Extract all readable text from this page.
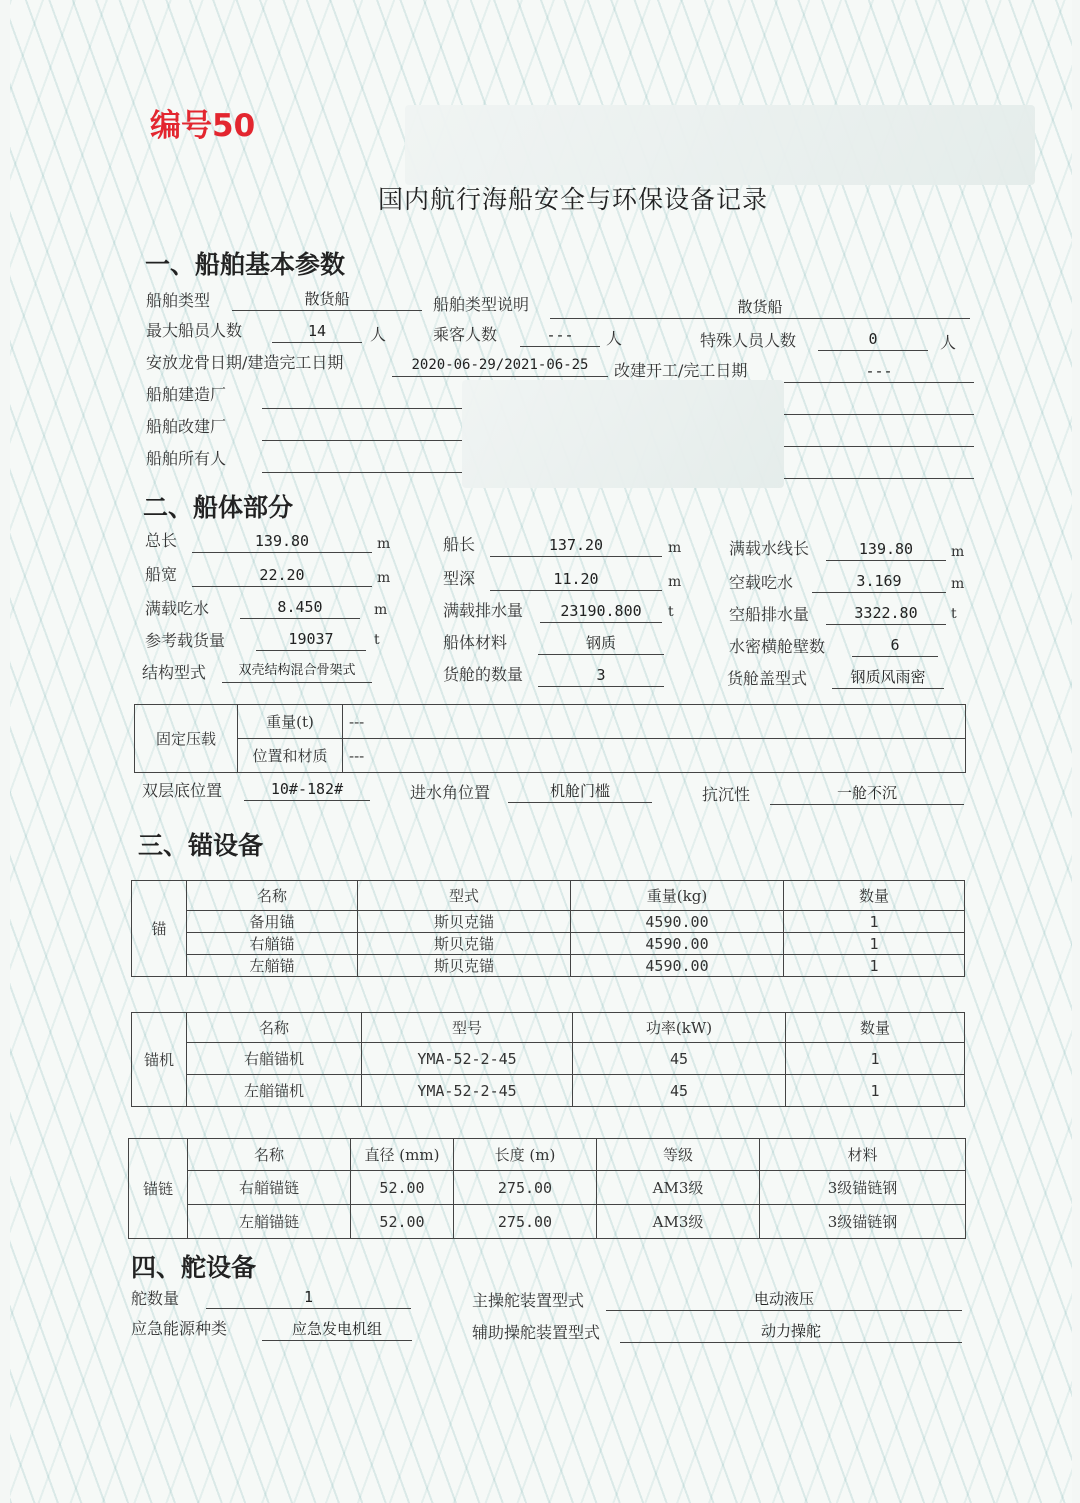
编号50
国内航行海船安全与环保设备记录
一、船舶基本参数
船舶类型	散货船	船舶类型说明	散货船
最大船员人数	14	人	乘客人数	---	人	特殊人员人数	0	人
安放龙骨日期/建造完工日期	2020-06-29/2021-06-25	改建开工/完工日期	---
船舶建造厂
船舶改建厂
船舶所有人
二、船体部分
总长	139.80	m	船长	137.20	m	满载水线长	139.80	m
船宽	22.20	m	型深	11.20	m	空载吃水	3.169	m
满载吃水	8.450	m	满载排水量	23190.800	t	空船排水量	3322.80	t
参考载货量	19037	t	船体材料	钢质	水密横舱壁数	6
结构型式	双壳结构混合骨架式	货舱的数量	3	货舱盖型式	钢质风雨密
固定压载	重量(t)	---
	位置和材质	---
双层底位置	10#-182#	进水角位置	机舱门槛	抗沉性	一舱不沉
三、锚设备
锚	名称	型式	重量(kg)	数量
	备用锚	斯贝克锚	4590.00	1
	右艏锚	斯贝克锚	4590.00	1
	左艏锚	斯贝克锚	4590.00	1
锚机	名称	型号	功率(kW)	数量
	右艏锚机	YMA-52-2-45	45	1
	左艏锚机	YMA-52-2-45	45	1
锚链	名称	直径 (mm)	长度 (m)	等级	材料
	右艏锚链	52.00	275.00	AM3级	3级锚链钢
	左艏锚链	52.00	275.00	AM3级	3级锚链钢
四、舵设备
舵数量	1	主操舵装置型式	电动液压
应急能源种类	应急发电机组	辅助操舵装置型式	动力操舵
